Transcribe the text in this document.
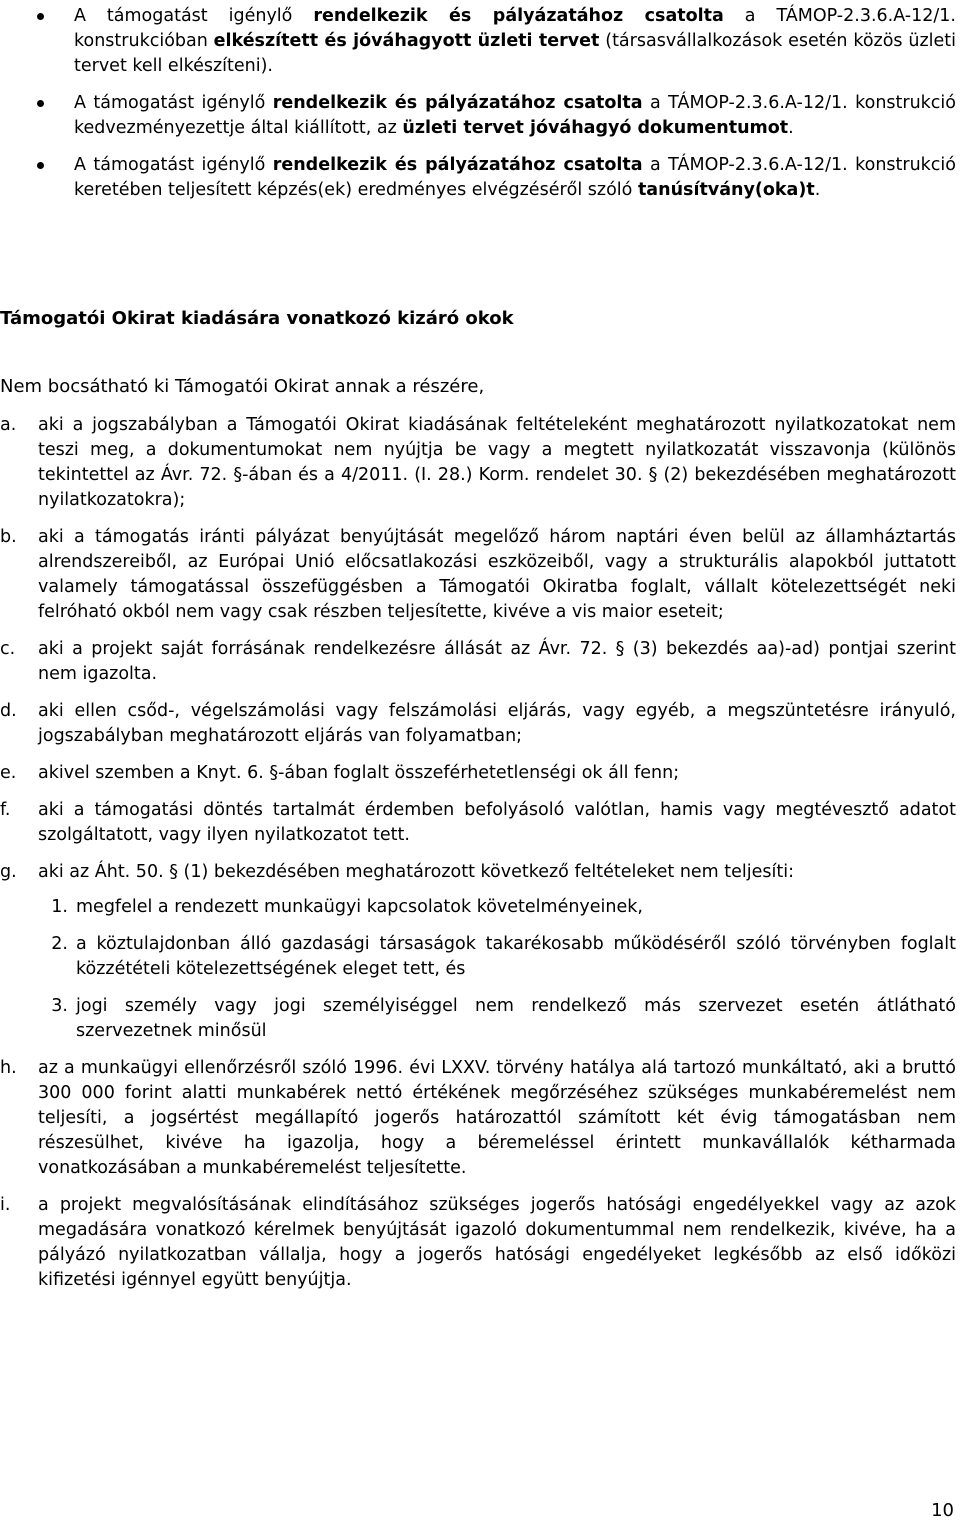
A támogatást igénylő rendelkezik és pályázatához csatolta a TÁMOP-2.3.6.A-12/1. konstrukcióban elkészített és jóváhagyott üzleti tervet (társasvállalkozások esetén közös üzleti tervet kell elkészíteni).
A támogatást igénylő rendelkezik és pályázatához csatolta a TÁMOP-2.3.6.A-12/1. konstrukció kedvezményezettje által kiállított, az üzleti tervet jóváhagyó dokumentumot.
A támogatást igénylő rendelkezik és pályázatához csatolta a TÁMOP-2.3.6.A-12/1. konstrukció keretében teljesített képzés(ek) eredményes elvégzéséről szóló tanúsítvány(oka)t.
Támogatói Okirat kiadására vonatkozó kizáró okok
Nem bocsátható ki Támogatói Okirat annak a részére,
a. aki a jogszabályban a Támogatói Okirat kiadásának feltételeként meghatározott nyilatkozatokat nem teszi meg, a dokumentumokat nem nyújtja be vagy a megtett nyilatkozatát visszavonja (különös tekintettel az Ávr. 72. §-ában és a 4/2011. (I. 28.) Korm. rendelet 30. § (2) bekezdésében meghatározott nyilatkozatokra);
b. aki a támogatás iránti pályázat benyújtását megelőző három naptári éven belül az államháztartás alrendszereiből, az Európai Unió előcsatlakozási eszközeiből, vagy a strukturális alapokból juttatott valamely támogatással összefüggésben a Támogatói Okiratba foglalt, vállalt kötelezettségét neki felróható okból nem vagy csak részben teljesítette, kivéve a vis maior eseteit;
c. aki a projekt saját forrásának rendelkezésre állását az Ávr. 72. § (3) bekezdés aa)-ad) pontjai szerint nem igazolta.
d. aki ellen csőd-, végelszámolási vagy felszámolási eljárás, vagy egyéb, a megszüntetésre irányuló, jogszabályban meghatározott eljárás van folyamatban;
e. akivel szemben a Knyt. 6. §-ában foglalt összeférhetetlenségi ok áll fenn;
f. aki a támogatási döntés tartalmát érdemben befolyásoló valótlan, hamis vagy megtévesztő adatot szolgáltatott, vagy ilyen nyilatkozatot tett.
g. aki az Áht. 50. § (1) bekezdésében meghatározott következő feltételeket nem teljesíti:
1. megfelel a rendezett munkaügyi kapcsolatok követelményeinek,
2. a köztulajdonban álló gazdasági társaságok takarékosabb működéséről szóló törvényben foglalt közzétételi kötelezettségének eleget tett, és
3. jogi személy vagy jogi személyiséggel nem rendelkező más szervezet esetén átlátható szervezetnek minősül
h. az a munkaügyi ellenőrzésről szóló 1996. évi LXXV. törvény hatálya alá tartozó munkáltató, aki a bruttó 300 000 forint alatti munkabérek nettó értékének megőrzéséhez szükséges munkabéremelést nem teljesíti, a jogsértést megállapító jogerős határozattól számított két évig támogatásban nem részesülhet, kivéve ha igazolja, hogy a béremeléssel érintett munkavállalók kétharmada vonatkozásában a munkabéremelést teljesítette.
i. a projekt megvalósításának elindításához szükséges jogerős hatósági engedélyekkel vagy az azok megadására vonatkozó kérelmek benyújtását igazoló dokumentummal nem rendelkezik, kivéve, ha a pályázó nyilatkozatban vállalja, hogy a jogerős hatósági engedélyeket legkésőbb az első időközi kifizetési igénnyel együtt benyújtja.
10
